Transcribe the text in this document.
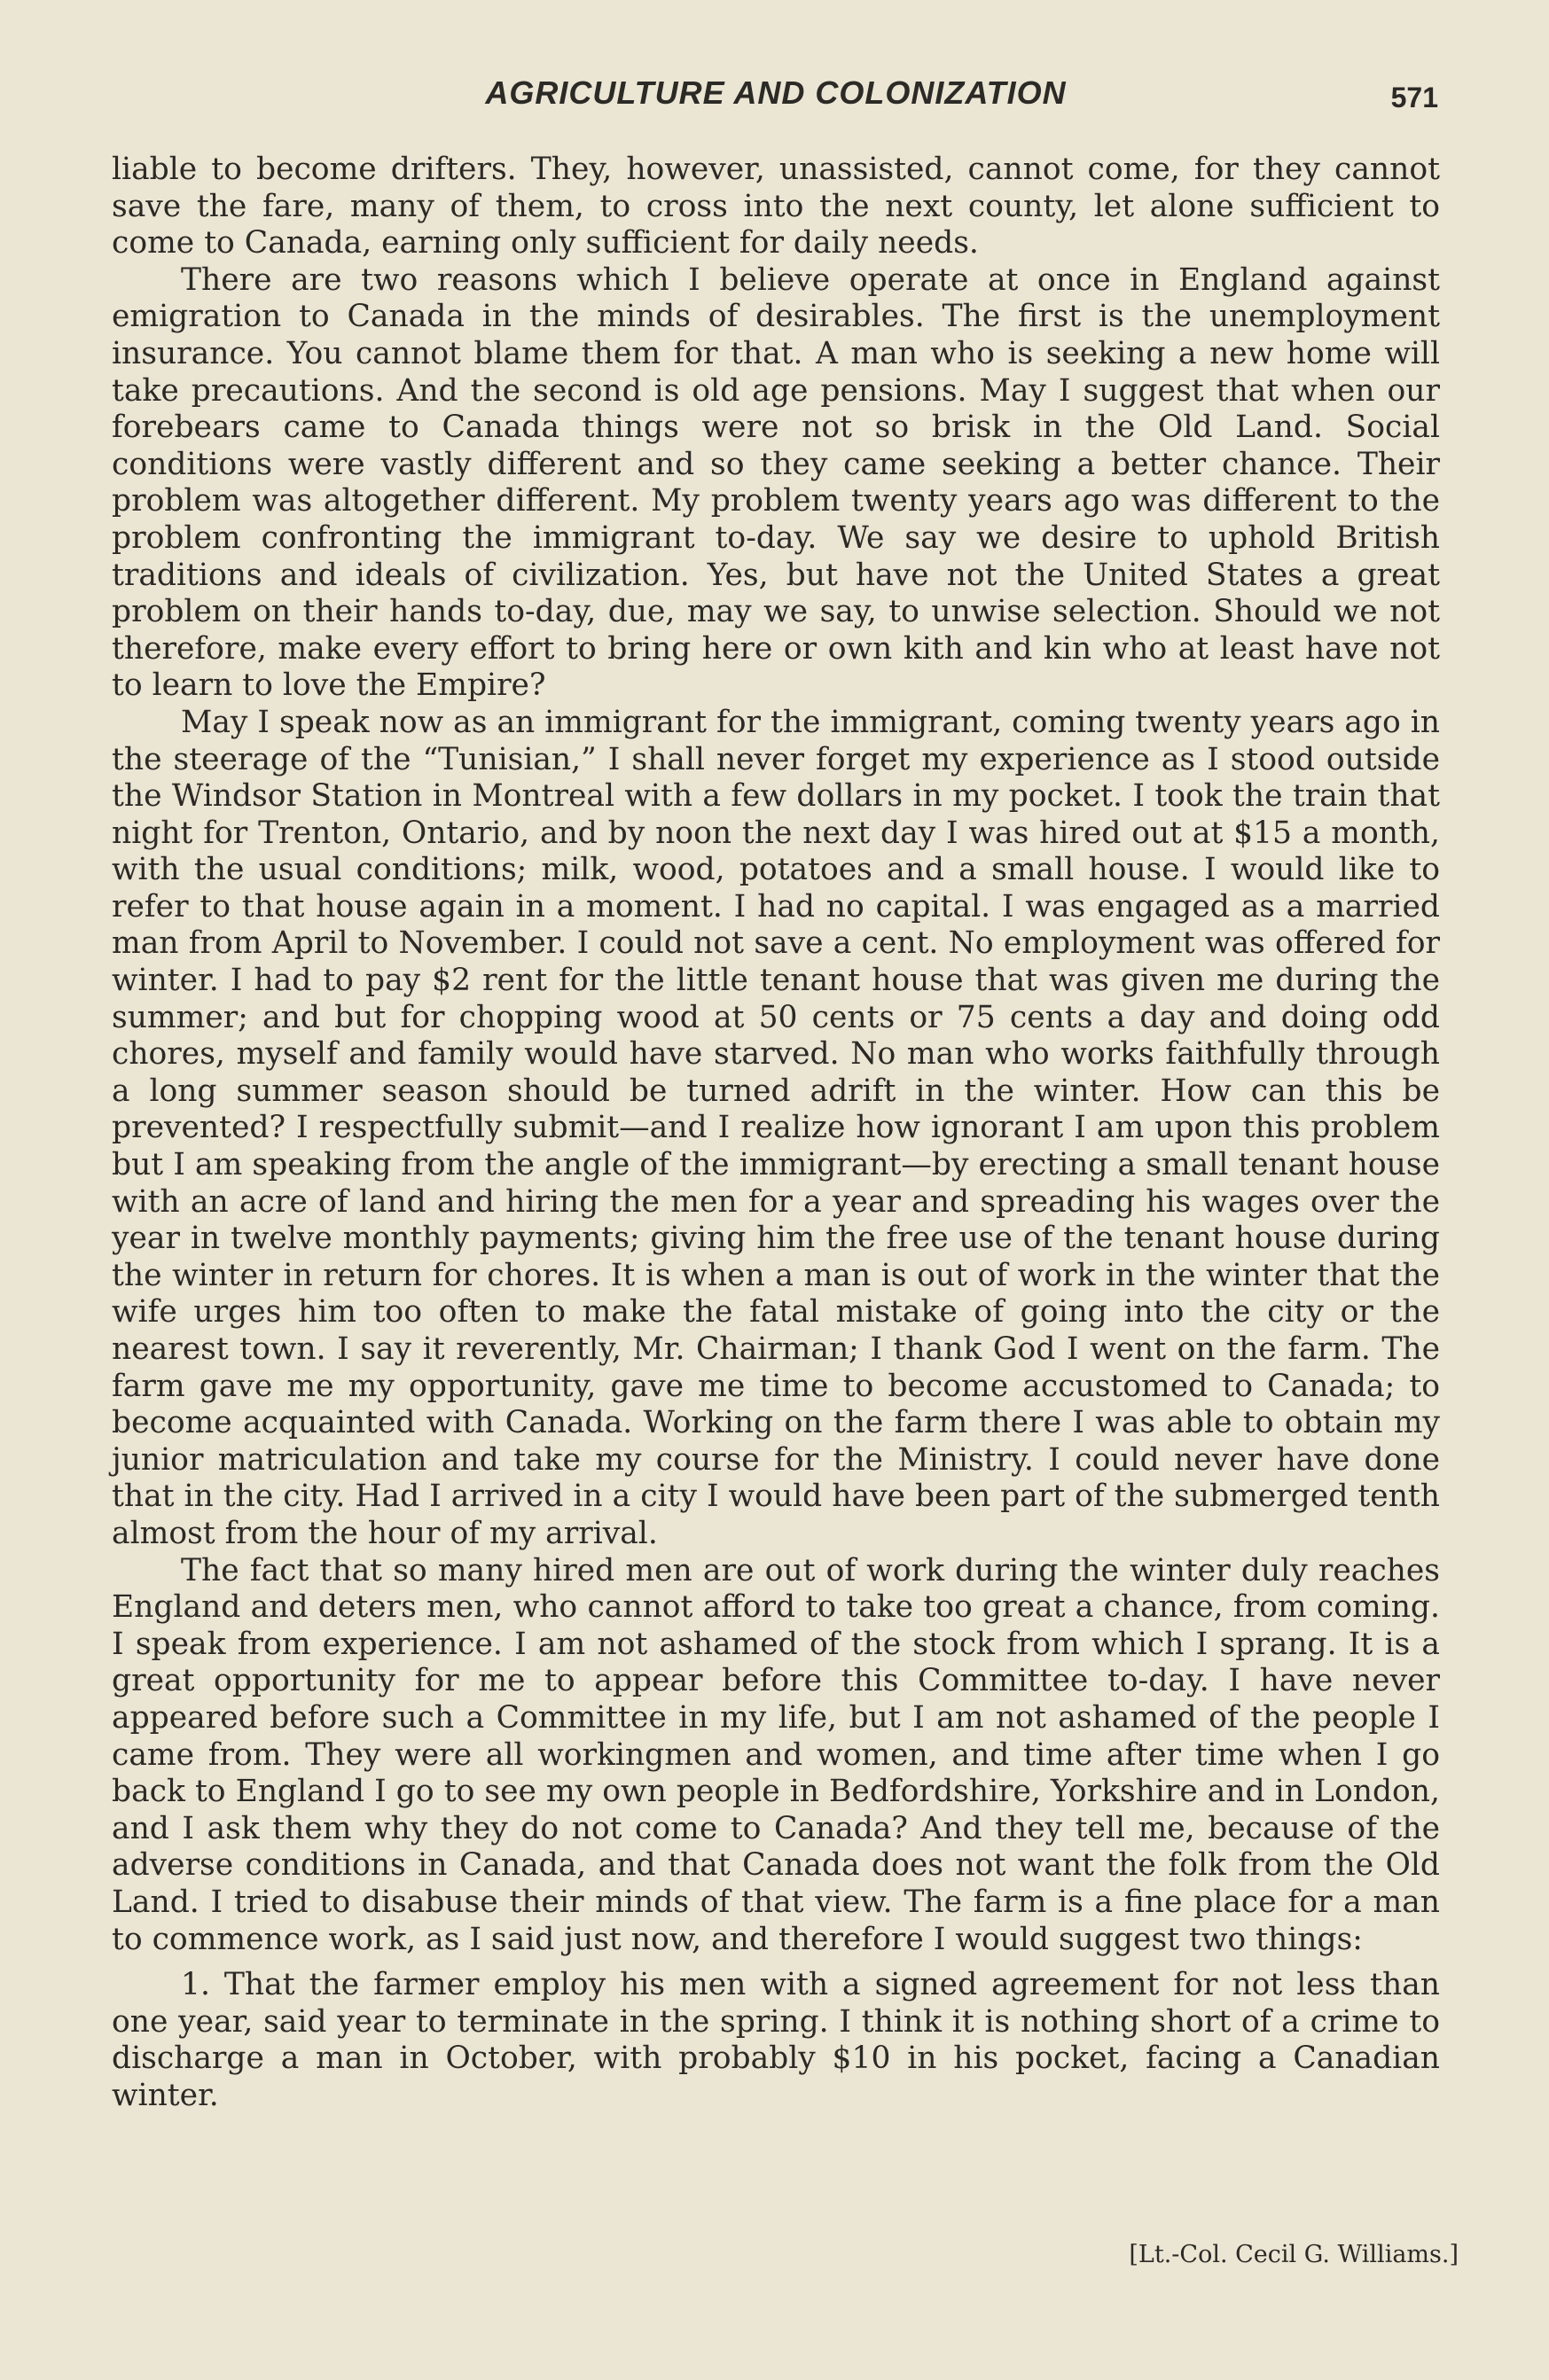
AGRICULTURE AND COLONIZATION	571

liable to become drifters. They, however, unassisted, cannot come, for they cannot save the fare, many of them, to cross into the next county, let alone sufficient to come to Canada, earning only sufficient for daily needs.

There are two reasons which I believe operate at once in England against emigration to Canada in the minds of desirables. The first is the unemployment insurance. You cannot blame them for that. A man who is seeking a new home will take precautions. And the second is old age pensions. May I suggest that when our forebears came to Canada things were not so brisk in the Old Land. Social conditions were vastly different and so they came seeking a better chance. Their problem was altogether different. My problem twenty years ago was different to the problem confronting the immigrant to-day. We say we desire to uphold British traditions and ideals of civilization. Yes, but have not the United States a great problem on their hands to-day, due, may we say, to unwise selection. Should we not therefore, make every effort to bring here or own kith and kin who at least have not to learn to love the Empire?

May I speak now as an immigrant for the immigrant, coming twenty years ago in the steerage of the “Tunisian,” I shall never forget my experience as I stood outside the Windsor Station in Montreal with a few dollars in my pocket. I took the train that night for Trenton, Ontario, and by noon the next day I was hired out at $15 a month, with the usual conditions; milk, wood, potatoes and a small house. I would like to refer to that house again in a moment. I had no capital. I was engaged as a married man from April to November. I could not save a cent. No employment was offered for winter. I had to pay $2 rent for the little tenant house that was given me during the summer; and but for chopping wood at 50 cents or 75 cents a day and doing odd chores, myself and family would have starved. No man who works faithfully through a long summer season should be turned adrift in the winter. How can this be prevented? I respectfully submit—and I realize how ignorant I am upon this problem but I am speaking from the angle of the immigrant—by erecting a small tenant house with an acre of land and hiring the men for a year and spreading his wages over the year in twelve monthly payments; giving him the free use of the tenant house during the winter in return for chores. It is when a man is out of work in the winter that the wife urges him too often to make the fatal mistake of going into the city or the nearest town. I say it reverently, Mr. Chairman; I thank God I went on the farm. The farm gave me my opportunity, gave me time to become accustomed to Canada; to become acquainted with Canada. Working on the farm there I was able to obtain my junior matriculation and take my course for the Ministry. I could never have done that in the city. Had I arrived in a city I would have been part of the submerged tenth almost from the hour of my arrival.

The fact that so many hired men are out of work during the winter duly reaches England and deters men, who cannot afford to take too great a chance, from coming. I speak from experience. I am not ashamed of the stock from which I sprang. It is a great opportunity for me to appear before this Committee to-day. I have never appeared before such a Committee in my life, but I am not ashamed of the people I came from. They were all workingmen and women, and time after time when I go back to England I go to see my own people in Bedfordshire, Yorkshire and in London, and I ask them why they do not come to Canada? And they tell me, because of the adverse conditions in Canada, and that Canada does not want the folk from the Old Land. I tried to disabuse their minds of that view. The farm is a fine place for a man to commence work, as I said just now, and therefore I would suggest two things:

1. That the farmer employ his men with a signed agreement for not less than one year, said year to terminate in the spring. I think it is nothing short of a crime to discharge a man in October, with probably $10 in his pocket, facing a Canadian winter.

[Lt.-Col. Cecil G. Williams.]
